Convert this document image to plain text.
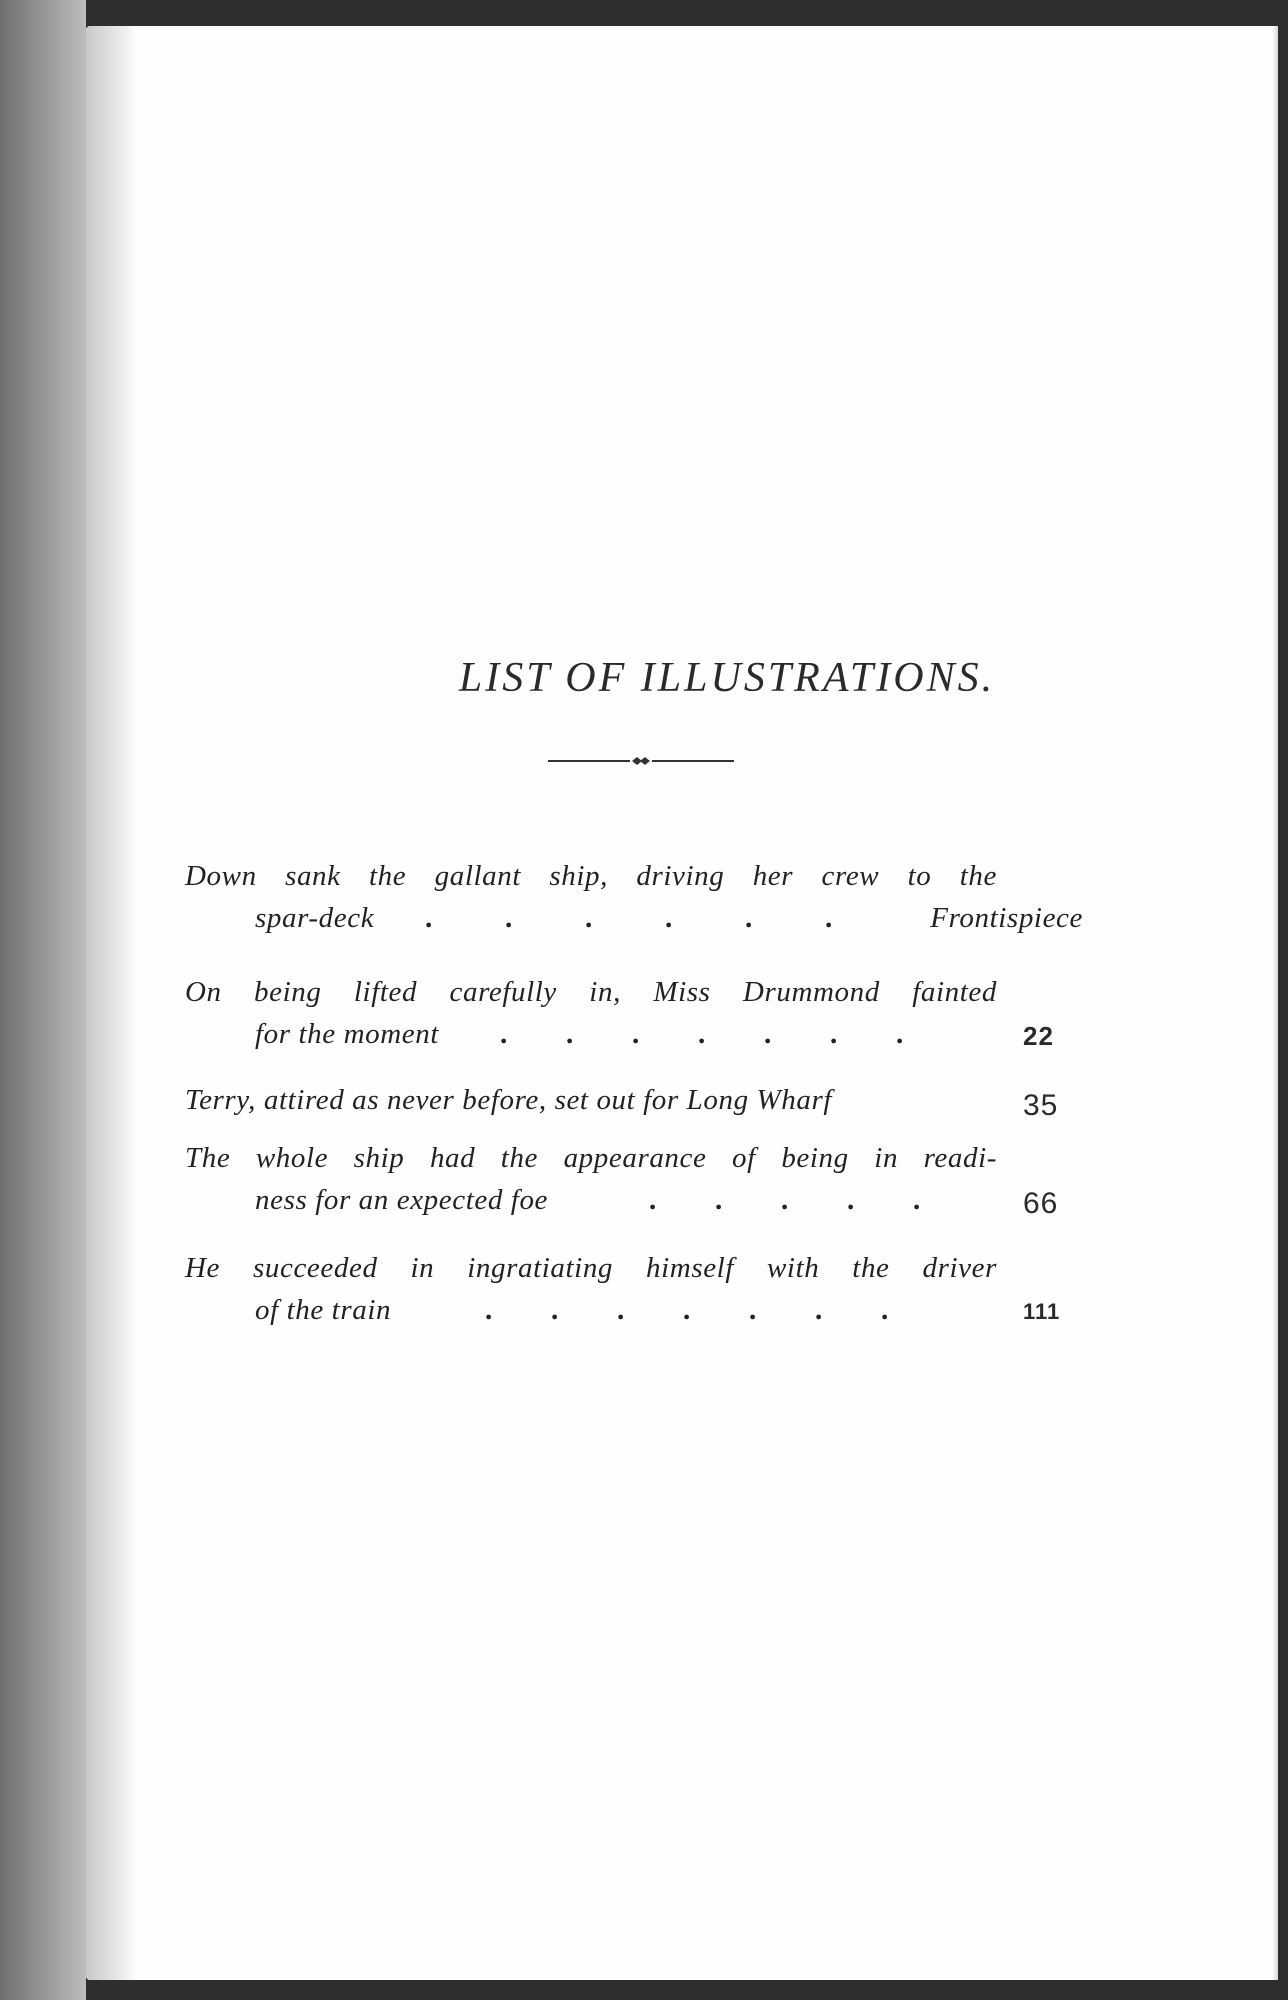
LIST OF ILLUSTRATIONS.
Down sank the gallant ship, driving her crew to the
spar-deck .	.	.	.	.	.	Frontispiece
On being lifted carefully in, Miss Drummond fainted
for the moment . . . . . . .	22
Terry, attired as never before, set out for Long Wharf	35
The whole ship had the appearance of being in readi-
ness for an expected foe	. . . . .	66
He succeeded in ingratiating himself with the driver
of the train	. . . . . . .	111
